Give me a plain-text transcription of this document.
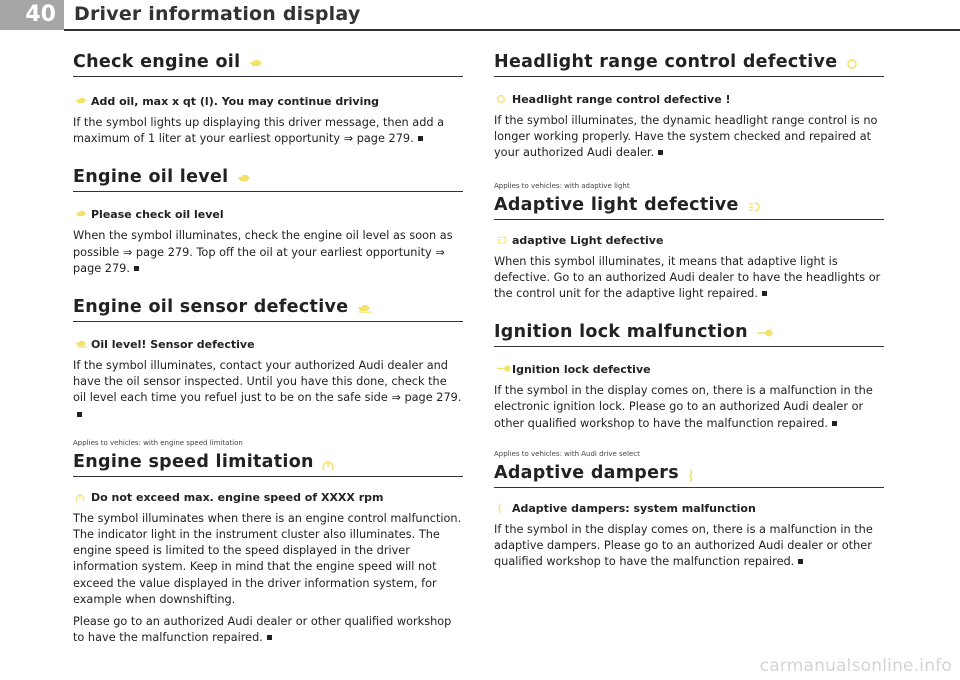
40 Driver information display
Check engine oil

Add oil, max x qt (l). You may continue driving

If the symbol lights up displaying this driver message, then add a maximum of 1 liter at your earliest opportunity ⇒ page 279.

Engine oil level

Please check oil level

When the symbol illuminates, check the engine oil level as soon as possible ⇒ page 279. Top off the oil at your earliest opportunity ⇒ page 279.

Engine oil sensor defective

Oil level! Sensor defective

If the symbol illuminates, contact your authorized Audi dealer and have the oil sensor inspected. Until you have this done, check the oil level each time you refuel just to be on the safe side ⇒ page 279.

Applies to vehicles: with engine speed limitation

Engine speed limitation

Do not exceed max. engine speed of XXXX rpm

The symbol illuminates when there is an engine control malfunction. The indicator light in the instrument cluster also illuminates. The engine speed is limited to the speed displayed in the driver information system. Keep in mind that the engine speed will not exceed the value displayed in the driver information system, for example when downshifting.

Please go to an authorized Audi dealer or other qualified workshop to have the malfunction repaired.

Headlight range control defective

Headlight range control defective !

If the symbol illuminates, the dynamic headlight range control is no longer working properly. Have the system checked and repaired at your authorized Audi dealer.

Applies to vehicles: with adaptive light

Adaptive light defective

adaptive Light defective

When this symbol illuminates, it means that adaptive light is defective. Go to an authorized Audi dealer to have the headlights or the control unit for the adaptive light repaired.

Ignition lock malfunction

Ignition lock defective

If the symbol in the display comes on, there is a malfunction in the electronic ignition lock. Please go to an authorized Audi dealer or other qualified workshop to have the malfunction repaired.

Applies to vehicles: with Audi drive select

Adaptive dampers

Adaptive dampers: system malfunction

If the symbol in the display comes on, there is a malfunction in the adaptive dampers. Please go to an authorized Audi dealer or other qualified workshop to have the malfunction repaired.

carmanualsonline.info
